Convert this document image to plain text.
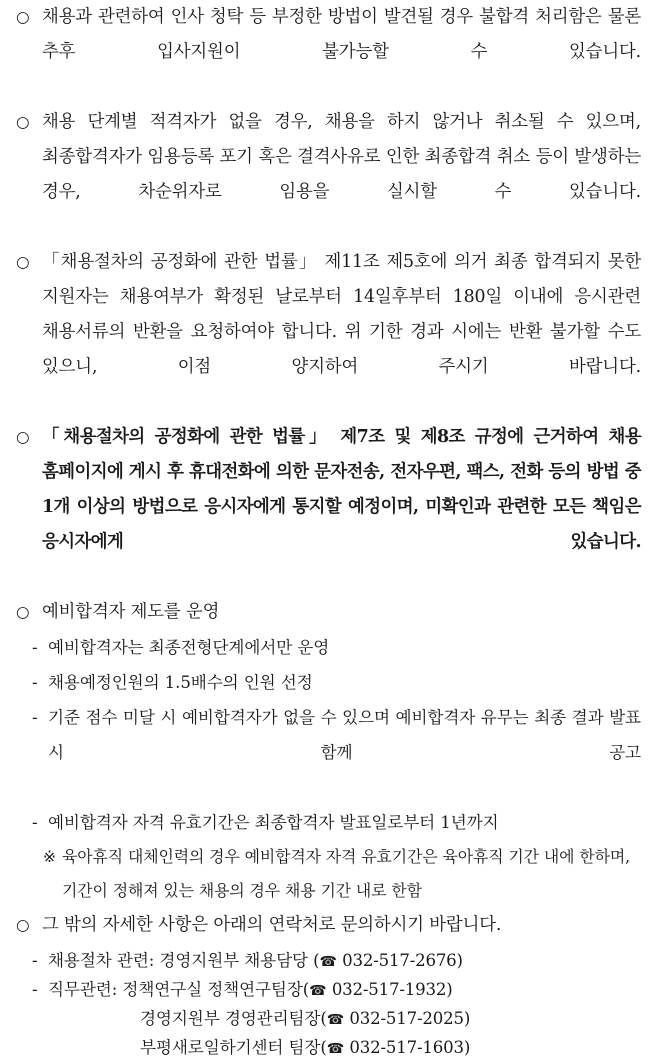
○ 채용과 관련하여 인사 청탁 등 부정한 방법이 발견될 경우 불합격 처리함은 물론 추후 입사지원이 불가능할 수 있습니다.

○ 채용 단계별 적격자가 없을 경우, 채용을 하지 않거나 취소될 수 있으며, 최종합격자가 임용등록 포기 혹은 결격사유로 인한 최종합격 취소 등이 발생하는 경우, 차순위자로 임용을 실시할 수 있습니다.

○ 「채용절차의 공정화에 관한 법률」 제11조 제5호에 의거 최종 합격되지 못한 지원자는 채용여부가 확정된 날로부터 14일후부터 180일 이내에 응시관련 채용서류의 반환을 요청하여야 합니다. 위 기한 경과 시에는 반환 불가할 수도 있으니, 이점 양지하여 주시기 바랍니다.

○ 「채용절차의 공정화에 관한 법률」 제7조 및 제8조 규정에 근거하여 채용 홈페이지에 게시 후 휴대전화에 의한 문자전송, 전자우편, 팩스, 전화 등의 방법 중 1개 이상의 방법으로 응시자에게 통지할 예정이며, 미확인과 관련한 모든 책임은 응시자에게 있습니다.

○ 예비합격자 제도를 운영

- 예비합격자는 최종전형단계에서만 운영

- 채용예정인원의 1.5배수의 인원 선정

- 기준 점수 미달 시 예비합격자가 없을 수 있으며 예비합격자 유무는 최종 결과 발표 시 함께 공고

- 예비합격자 자격 유효기간은 최종합격자 발표일로부터 1년까지

※ 육아휴직 대체인력의 경우 예비합격자 자격 유효기간은 육아휴직 기간 내에 한하며, 기간이 정해져 있는 채용의 경우 채용 기간 내로 한함

○ 그 밖의 자세한 사항은 아래의 연락처로 문의하시기 바랍니다.

- 채용절차 관련: 경영지원부 채용담당 (☎ 032-517-2676)

- 직무관련: 정책연구실 정책연구팀장(☎ 032-517-1932)

경영지원부 경영관리팀장(☎ 032-517-2025)

부평새로일하기센터 팀장(☎ 032-517-1603)
